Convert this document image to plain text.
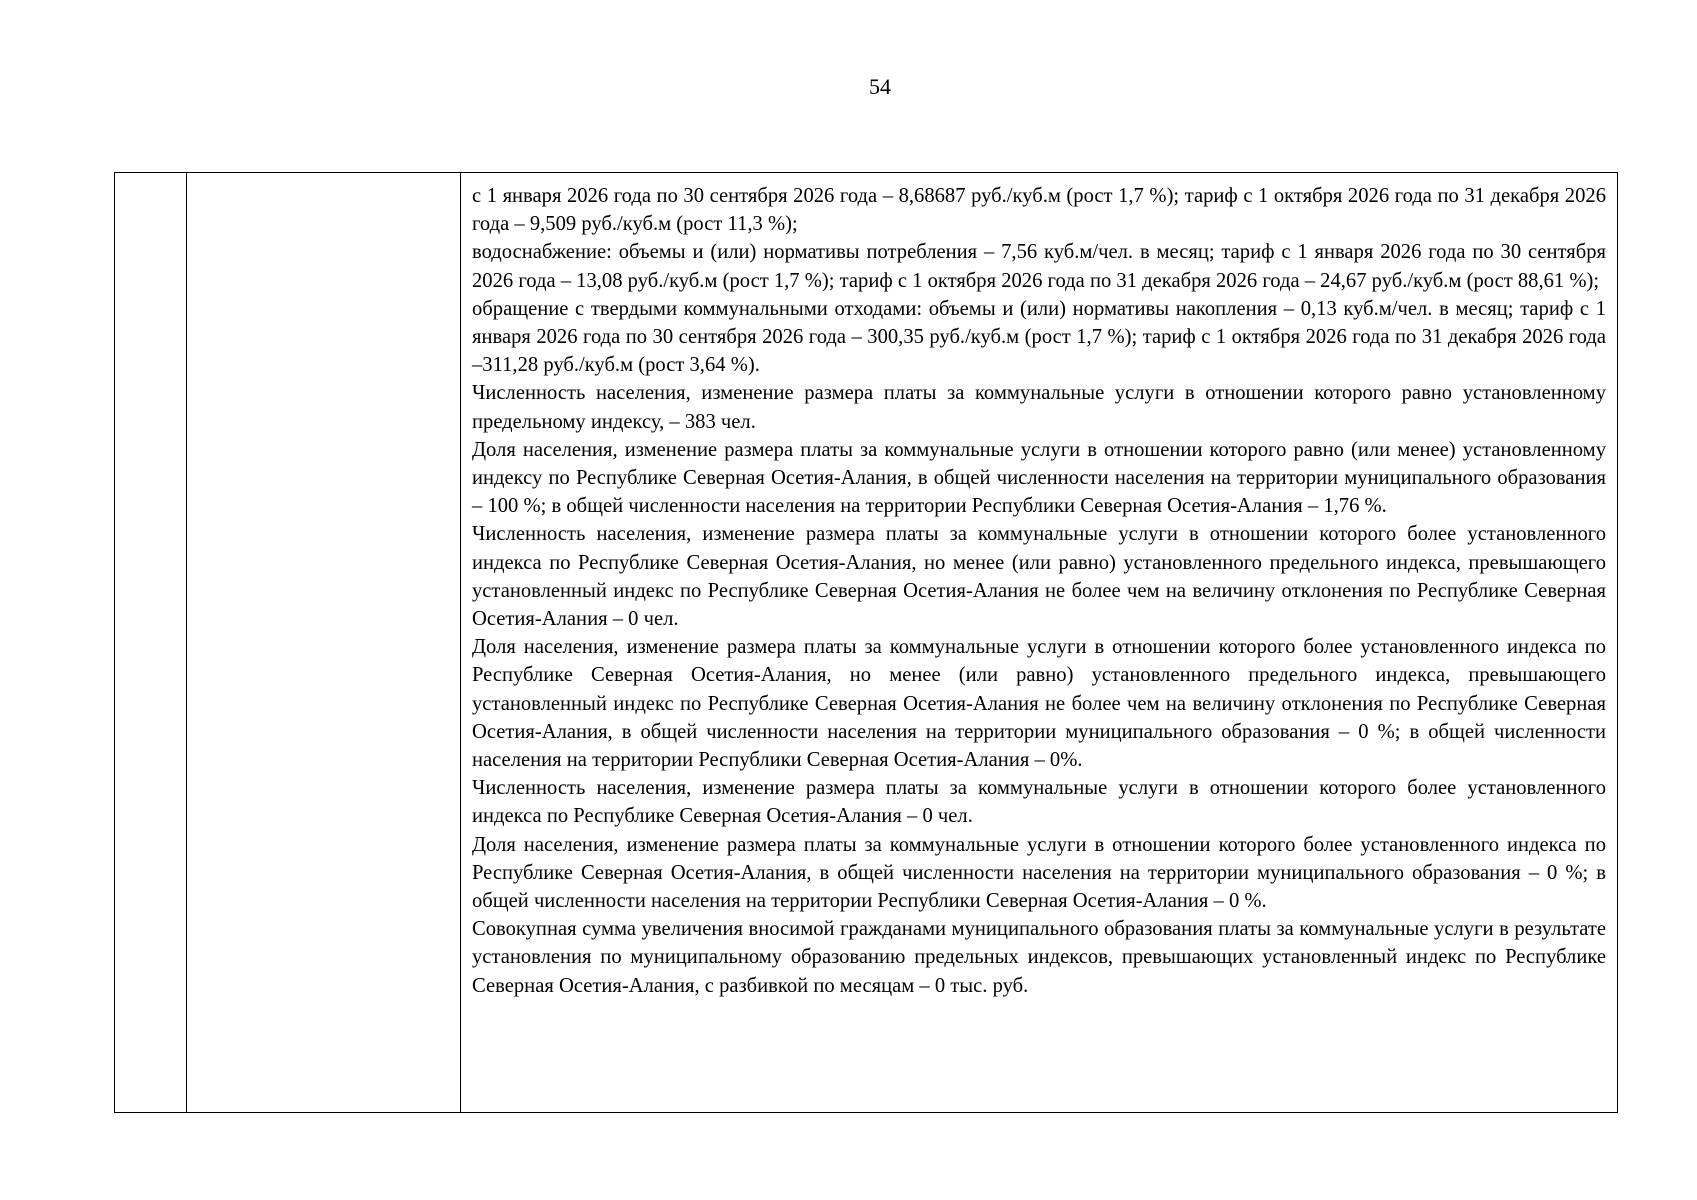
54

с 1 января 2026 года по 30 сентября 2026 года – 8,68687 руб./куб.м (рост 1,7 %); тариф с 1 октября 2026 года по 31 декабря 2026 года – 9,509 руб./куб.м (рост 11,3 %);

водоснабжение: объемы и (или) нормативы потребления – 7,56 куб.м/чел. в месяц; тариф с 1 января 2026 года по 30 сентября 2026 года – 13,08 руб./куб.м (рост 1,7 %); тариф с 1 октября 2026 года по 31 декабря 2026 года – 24,67 руб./куб.м (рост 88,61 %);

обращение с твердыми коммунальными отходами: объемы и (или) нормативы накопления – 0,13 куб.м/чел. в месяц; тариф с 1 января 2026 года по 30 сентября 2026 года – 300,35 руб./куб.м (рост 1,7 %); тариф с 1 октября 2026 года по 31 декабря 2026 года –311,28 руб./куб.м (рост 3,64 %).

Численность населения, изменение размера платы за коммунальные услуги в отношении которого равно установленному предельному индексу, – 383 чел.

Доля населения, изменение размера платы за коммунальные услуги в отношении которого равно (или менее) установленному индексу по Республике Северная Осетия-Алания, в общей численности населения на территории муниципального образования – 100 %; в общей численности населения на территории Республики Северная Осетия-Алания – 1,76 %.

Численность населения, изменение размера платы за коммунальные услуги в отношении которого более установленного индекса по Республике Северная Осетия-Алания, но менее (или равно) установленного предельного индекса, превышающего установленный индекс по Республике Северная Осетия-Алания не более чем на величину отклонения по Республике Северная Осетия-Алания – 0 чел.

Доля населения, изменение размера платы за коммунальные услуги в отношении которого более установленного индекса по Республике Северная Осетия-Алания, но менее (или равно) установленного предельного индекса, превышающего установленный индекс по Республике Северная Осетия-Алания не более чем на величину отклонения по Республике Северная Осетия-Алания, в общей численности населения на территории муниципального образования – 0 %; в общей численности населения на территории Республики Северная Осетия-Алания – 0%.

Численность населения, изменение размера платы за коммунальные услуги в отношении которого более установленного индекса по Республике Северная Осетия-Алания – 0 чел.

Доля населения, изменение размера платы за коммунальные услуги в отношении которого более установленного индекса по Республике Северная Осетия-Алания, в общей численности населения на территории муниципального образования – 0 %; в общей численности населения на территории Республики Северная Осетия-Алания – 0 %.

Совокупная сумма увеличения вносимой гражданами муниципального образования платы за коммунальные услуги в результате установления по муниципальному образованию предельных индексов, превышающих установленный индекс по Республике Северная Осетия-Алания, с разбивкой по месяцам – 0 тыс. руб.
